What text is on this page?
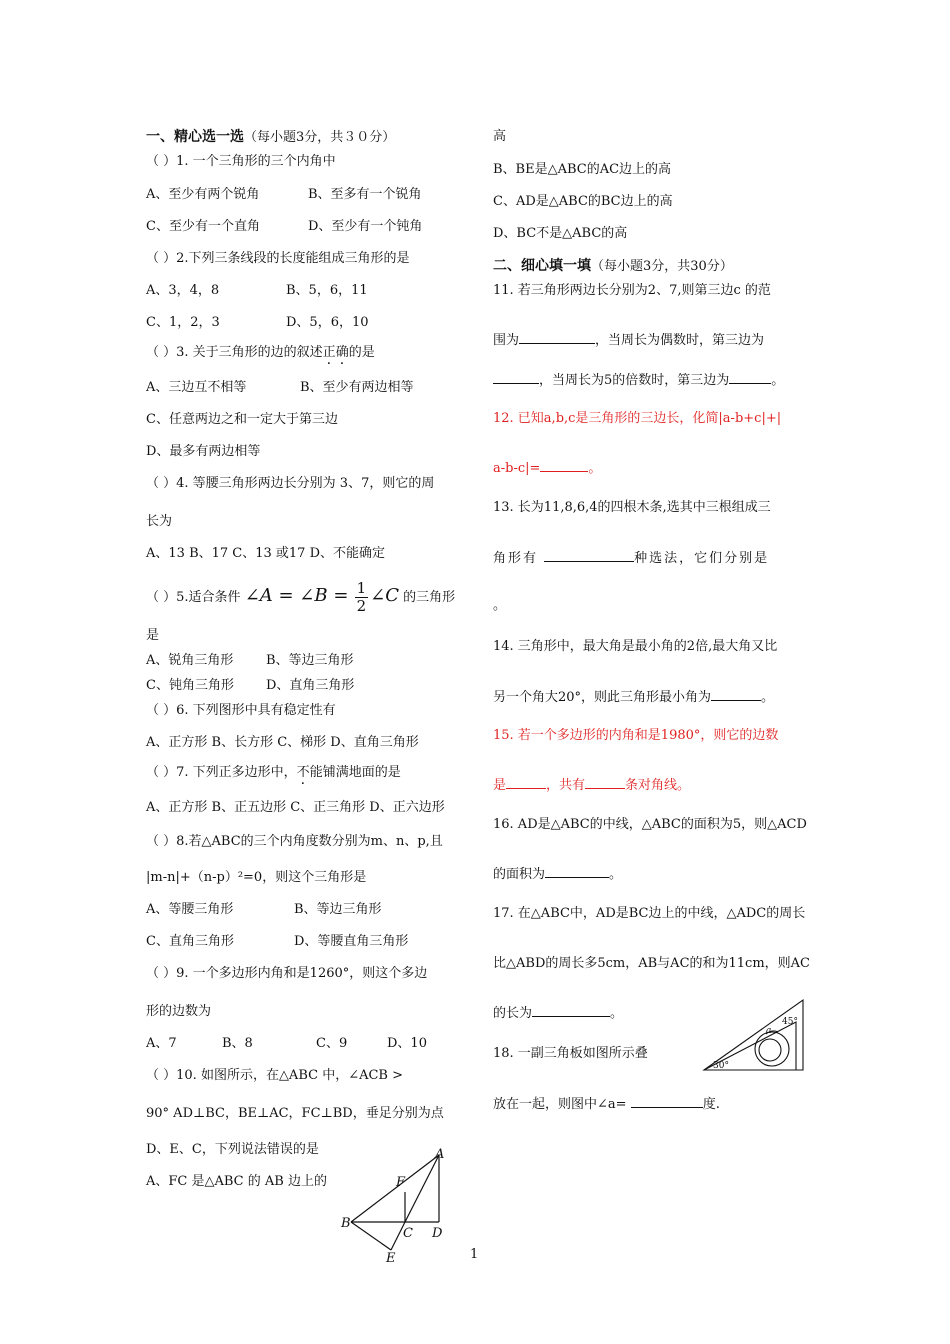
一、精心选一选（每小题3分，共３０分）
（ ）1. 一个三角形的三个内角中
A、至少有两个锐角	B、至多有一个锐角
C、至少有一个直角	D、至少有一个钝角
（ ）2.下列三条线段的长度能组成三角形的是
A、3，4，8	B、5，6，11
C、1，2，3	D、5，6，10
（ ）3. 关于三角形的边的叙述正确的是
A、三边互不相等	B、至少有两边相等
C、任意两边之和一定大于第三边
D、最多有两边相等
（ ）4. 等腰三角形两边长分别为 3、7，则它的周
长为
A、13 B、17 C、13 或17 D、不能确定
（ ）5.适合条件 ∠A = ∠B = $\frac{1}{2}$ ∠C 的三角形
是
A、锐角三角形	B、等边三角形
C、钝角三角形 D、直角三角形
（ ）6. 下列图形中具有稳定性有
A、正方形 B、长方形 C、梯形 D、直角三角形
（ ）7. 下列正多边形中，不能铺满地面的是
A、正方形 B、正五边形 C、正三角形 D、正六边形
（ ）8.若△ABC的三个内角度数分别为m、n、p,且
|m-n|+（n-p）²=0，则这个三角形是
A、等腰三角形	B、等边三角形
C、直角三角形	D、等腰直角三角形
（ ）9. 一个多边形内角和是1260°，则这个多边
形的边数为
A、7	B、8	C、9	D、10
（ ）10. 如图所示，在△ABC 中，∠ACB >
90° AD⊥BC，BE⊥AC，FC⊥BD，垂足分别为点
D、E、C，下列说法错误的是
A、FC 是△ABC 的 AB 边上的
A
F
B
C D
E
高
B、BE是△ABC的AC边上的高
C、AD是△ABC的BC边上的高
D、BC不是△ABC的高
二、细心填一填（每小题3分，共30分）
11. 若三角形两边长分别为2、7,则第三边c 的范
围为	，当周长为偶数时，第三边为
，当周长为5的倍数时，第三边为	。
12. 已知a,b,c是三角形的三边长，化简|a-b+c|+|
a-b-c|=	。
13. 长为11,8,6,4的四根木条,选其中三根组成三
角形有	种选法，它们分别是
。
14. 三角形中，最大角是最小角的2倍,最大角又比
另一个角大20°，则此三角形最小角为	。
15. 若一个多边形的内角和是1980°，则它的边数
是	，共有	条对角线。
16. AD是△ABC的中线，△ABC的面积为5，则△ACD
的面积为	。
17. 在△ABC中，AD是BC边上的中线，△ADC的周长
比△ABD的周长多5cm，AB与AC的和为11cm，则AC
的长为	。
18. 一副三角板如图所示叠
放在一起，则图中∠a=	度.
45°
30°
a
1
